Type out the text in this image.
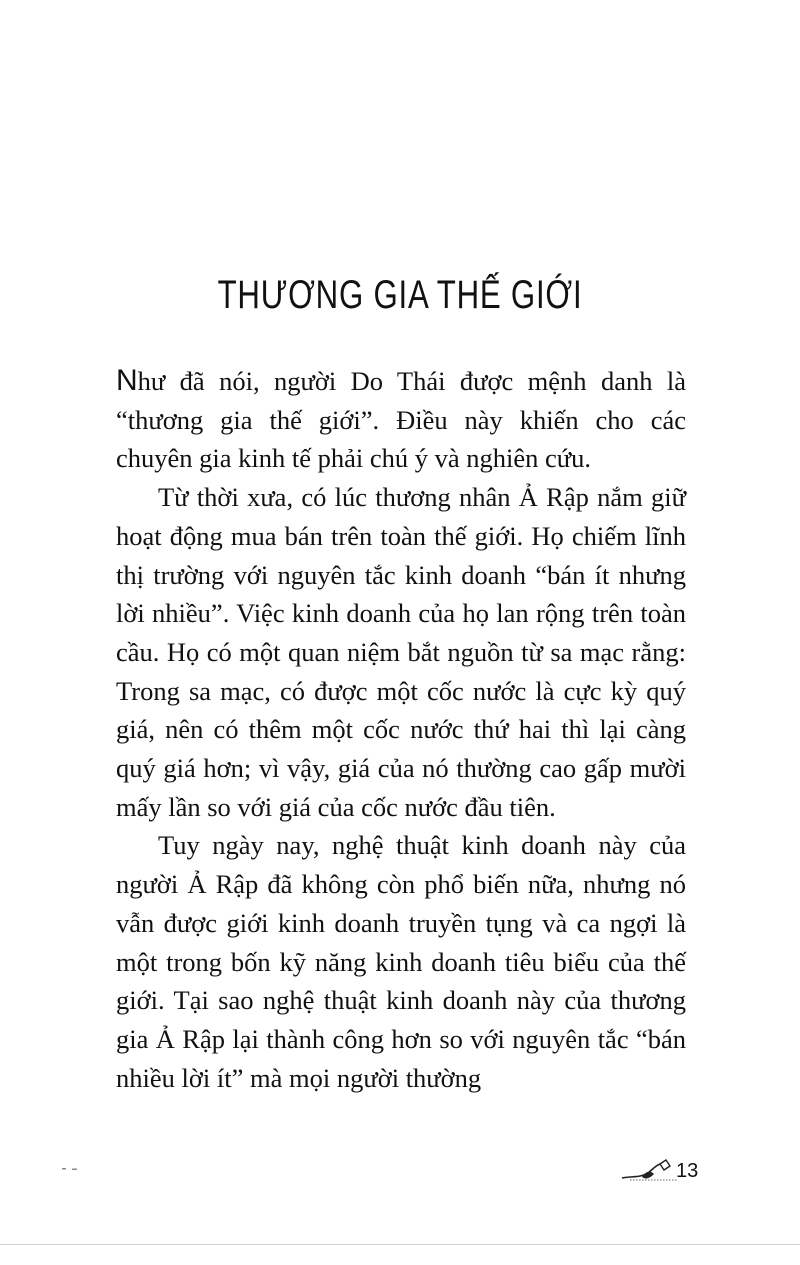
THƯƠNG GIA THẾ GIỚI

Như đã nói, người Do Thái được mệnh danh là “thương gia thế giới”. Điều này khiến cho các chuyên gia kinh tế phải chú ý và nghiên cứu.

Từ thời xưa, có lúc thương nhân Ả Rập nắm giữ hoạt động mua bán trên toàn thế giới. Họ chiếm lĩnh thị trường với nguyên tắc kinh doanh “bán ít nhưng lời nhiều”. Việc kinh doanh của họ lan rộng trên toàn cầu. Họ có một quan niệm bắt nguồn từ sa mạc rằng: Trong sa mạc, có được một cốc nước là cực kỳ quý giá, nên có thêm một cốc nước thứ hai thì lại càng quý giá hơn; vì vậy, giá của nó thường cao gấp mười mấy lần so với giá của cốc nước đầu tiên.

Tuy ngày nay, nghệ thuật kinh doanh này của người Ả Rập đã không còn phổ biến nữa, nhưng nó vẫn được giới kinh doanh truyền tụng và ca ngợi là một trong bốn kỹ năng kinh doanh tiêu biểu của thế giới. Tại sao nghệ thuật kinh doanh này của thương gia Ả Rập lại thành công hơn so với nguyên tắc “bán nhiều lời ít” mà mọi người thường

13
